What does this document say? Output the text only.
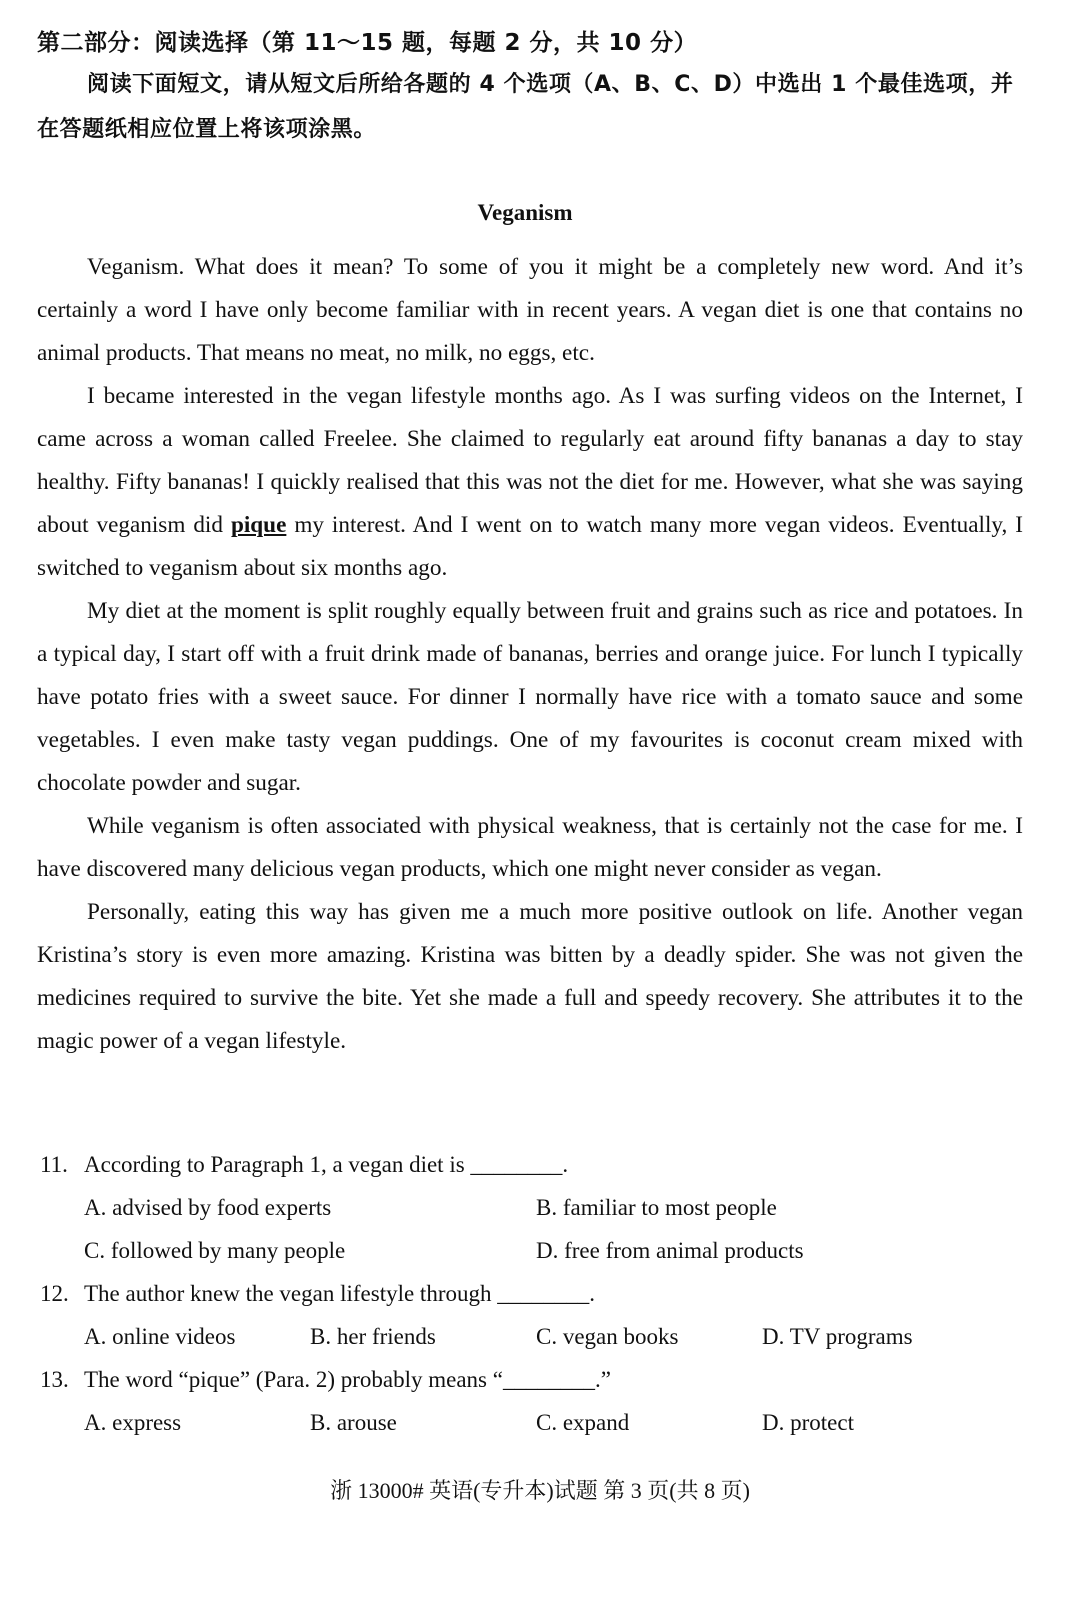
第二部分：阅读选择（第 11～15 题，每题 2 分，共 10 分）
阅读下面短文，请从短文后所给各题的 4 个选项（A、B、C、D）中选出 1 个最佳选项，并在答题纸相应位置上将该项涂黑。
Veganism

Veganism. What does it mean? To some of you it might be a completely new word. And it’s certainly a word I have only become familiar with in recent years. A vegan diet is one that contains no animal products. That means no meat, no milk, no eggs, etc.

I became interested in the vegan lifestyle months ago. As I was surfing videos on the Internet, I came across a woman called Freelee. She claimed to regularly eat around fifty bananas a day to stay healthy. Fifty bananas! I quickly realised that this was not the diet for me. However, what she was saying about veganism did pique my interest. And I went on to watch many more vegan videos. Eventually, I switched to veganism about six months ago.

My diet at the moment is split roughly equally between fruit and grains such as rice and potatoes. In a typical day, I start off with a fruit drink made of bananas, berries and orange juice. For lunch I typically have potato fries with a sweet sauce. For dinner I normally have rice with a tomato sauce and some vegetables. I even make tasty vegan puddings. One of my favourites is coconut cream mixed with chocolate powder and sugar.

While veganism is often associated with physical weakness, that is certainly not the case for me. I have discovered many delicious vegan products, which one might never consider as vegan.

Personally, eating this way has given me a much more positive outlook on life. Another vegan Kristina’s story is even more amazing. Kristina was bitten by a deadly spider. She was not given the medicines required to survive the bite. Yet she made a full and speedy recovery. She attributes it to the magic power of a vegan lifestyle.

11. According to Paragraph 1, a vegan diet is ________.
A. advised by food experts	B. familiar to most people
C. followed by many people	D. free from animal products
12. The author knew the vegan lifestyle through ________.
A. online videos	B. her friends	C. vegan books	D. TV programs
13. The word “pique” (Para. 2) probably means “________.”
A. express	B. arouse	C. expand	D. protect
浙 13000# 英语(专升本)试题 第 3 页(共 8 页)
